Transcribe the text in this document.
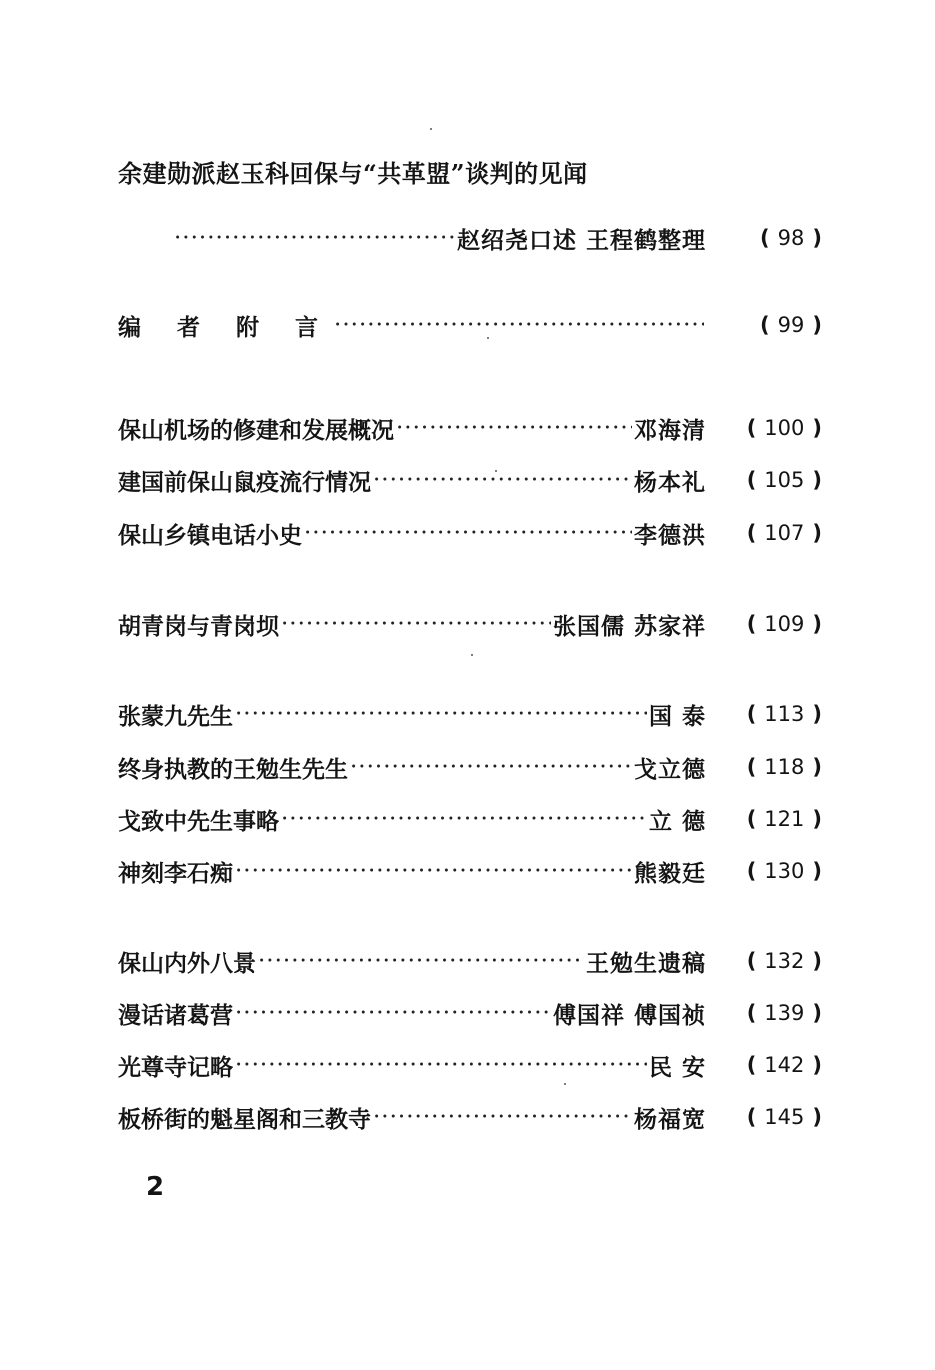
余建勋派赵玉科回保与“共革盟”谈判的见闻
·····
赵绍尧口述 王程鹤整理	( 98 )
编 者 附 言 ·····	( 99 )
保山机场的修建和发展概况 ·····	邓海清	( 100 )
建国前保山鼠疫流行情况 ·····	杨本礼	( 105 )
保山乡镇电话小史 ·····	李德洪	( 107 )
胡青岗与青岗坝 ·····	张国儒 苏家祥	( 109 )
张蒙九先生 ·····	国 泰	( 113 )
终身执教的王勉生先生 ·····	戈立德	( 118 )
戈致中先生事略 ·····	立 德	( 121 )
神刻李石痴 ·····	熊毅廷	( 130 )
保山内外八景 ·····	王勉生遗稿	( 132 )
漫话诸葛营 ·····	傅国祥 傅国祯	( 139 )
光尊寺记略 ·····	民 安	( 142 )
板桥街的魁星阁和三教寺 ·····	杨福宽	( 145 )
2
